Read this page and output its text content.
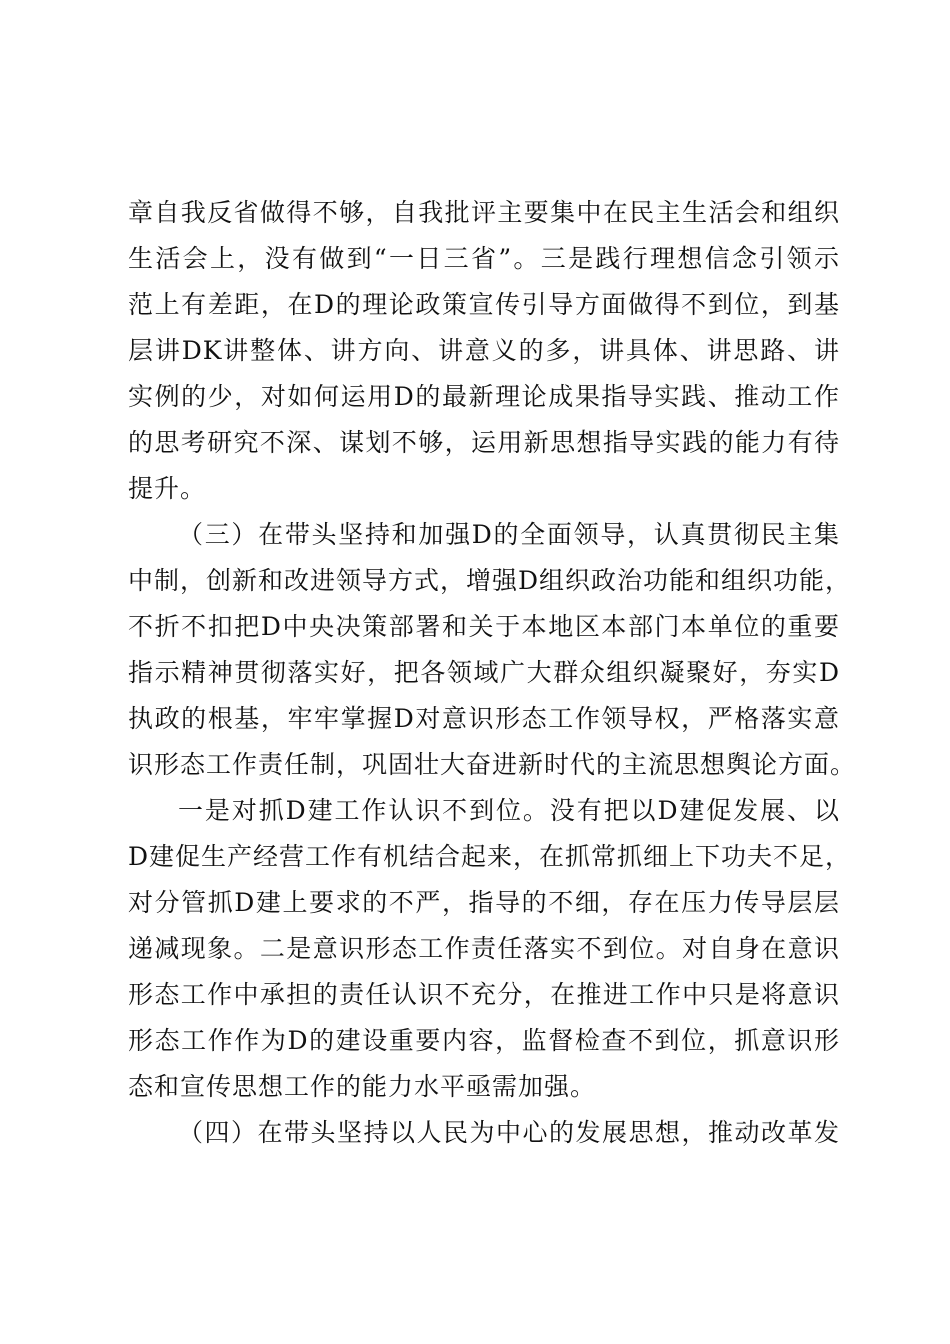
章自我反省做得不够，自我批评主要集中在民主生活会和组织
生活会上，没有做到“一日三省”。三是践行理想信念引领示
范上有差距，在D的理论政策宣传引导方面做得不到位，到基
层讲DK讲整体、讲方向、讲意义的多，讲具体、讲思路、讲
实例的少，对如何运用D的最新理论成果指导实践、推动工作
的思考研究不深、谋划不够，运用新思想指导实践的能力有待
提升。
（三）在带头坚持和加强D的全面领导，认真贯彻民主集
中制，创新和改进领导方式，增强D组织政治功能和组织功能，
不折不扣把D中央决策部署和关于本地区本部门本单位的重要
指示精神贯彻落实好，把各领域广大群众组织凝聚好，夯实D
执政的根基，牢牢掌握D对意识形态工作领导权，严格落实意
识形态工作责任制，巩固壮大奋进新时代的主流思想舆论方面。
一是对抓D建工作认识不到位。没有把以D建促发展、以
D建促生产经营工作有机结合起来，在抓常抓细上下功夫不足，
对分管抓D建上要求的不严，指导的不细，存在压力传导层层
递减现象。二是意识形态工作责任落实不到位。对自身在意识
形态工作中承担的责任认识不充分，在推进工作中只是将意识
形态工作作为D的建设重要内容，监督检查不到位，抓意识形
态和宣传思想工作的能力水平亟需加强。
（四）在带头坚持以人民为中心的发展思想，推动改革发
